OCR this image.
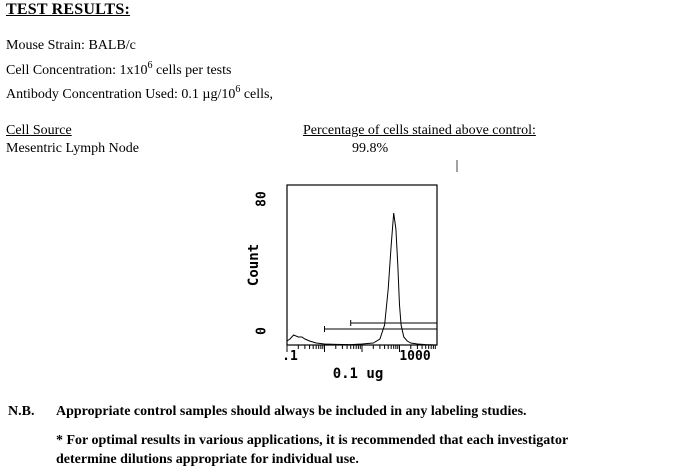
TEST RESULTS:
Mouse Strain: BALB/c
Cell Concentration: $1x10^6$ cells per tests
Antibody Concentration Used: 0.1 $\mu g/10^6$ cells,
Cell Source
Mesentric Lymph Node
Percentage of cells stained above control:
99.8%
80
0
Count
.1	1000
0.1 ug
N.B. Appropriate control samples should always be included in any labeling studies.
* For optimal results in various applications, it is recommended that each investigator
determine dilutions appropriate for individual use.
